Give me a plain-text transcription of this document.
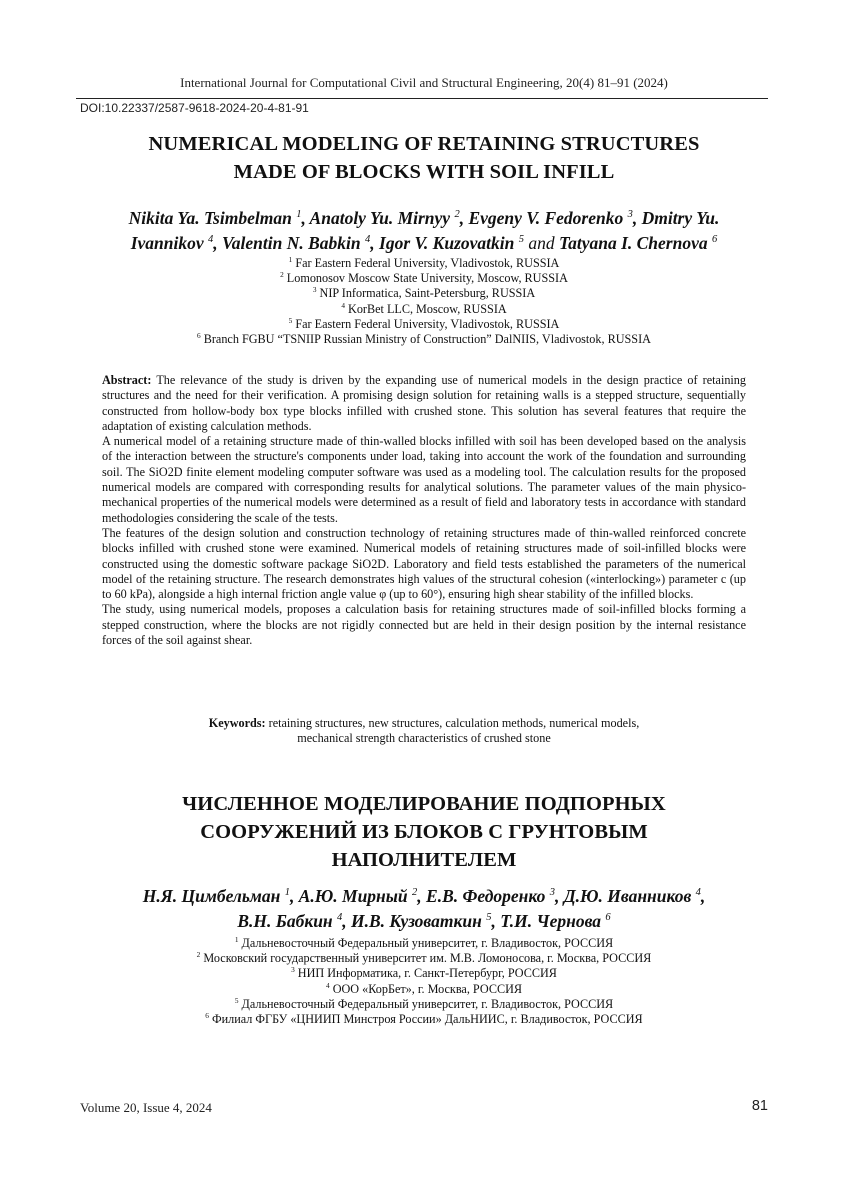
International Journal for Computational Civil and Structural Engineering, 20(4) 81–91 (2024)
DOI:10.22337/2587-9618-2024-20-4-81-91
NUMERICAL MODELING OF RETAINING STRUCTURES
MADE OF BLOCKS WITH SOIL INFILL
Nikita Ya. Tsimbelman $^1$, Anatoly Yu. Mirnyy $^2$, Evgeny V. Fedorenko $^3$, Dmitry Yu.
Ivannikov $^4$, Valentin N. Babkin $^4$, Igor V. Kuzovatkin $^5$ and Tatyana I. Chernova $^6$
$^1$ Far Eastern Federal University, Vladivostok, RUSSIA
$^2$ Lomonosov Moscow State University, Moscow, RUSSIA
$^3$ NIP Informatica, Saint-Petersburg, RUSSIA
$^4$ KorBet LLC, Moscow, RUSSIA
$^5$ Far Eastern Federal University, Vladivostok, RUSSIA
$^6$ Branch FGBU “TSNIIP Russian Ministry of Construction” DalNIIS, Vladivostok, RUSSIA

Abstract: The relevance of the study is driven by the expanding use of numerical models in the design practice of retaining structures and the need for their verification. A promising design solution for retaining walls is a stepped structure, sequentially constructed from hollow-body box type blocks infilled with crushed stone. This solution has several features that require the adaptation of existing calculation methods.

A numerical model of a retaining structure made of thin-walled blocks infilled with soil has been developed based on the analysis of the interaction between the structure's components under load, taking into account the work of the foundation and surrounding soil. The SiO2D finite element modeling computer software was used as a modeling tool. The calculation results for the proposed numerical models are compared with corresponding results for analytical solutions. The parameter values of the main physico-mechanical properties of the numerical models were determined as a result of field and laboratory tests in accordance with standard methodologies considering the scale of the tests.

The features of the design solution and construction technology of retaining structures made of thin-walled reinforced concrete blocks infilled with crushed stone were examined. Numerical models of retaining structures made of soil-infilled blocks were constructed using the domestic software package SiO2D. Laboratory and field tests established the parameters of the numerical model of the retaining structure. The research demonstrates high values of the structural cohesion («interlocking») parameter c (up to 60 kPa), alongside a high internal friction angle value φ (up to 60°), ensuring high shear stability of the infilled blocks.

The study, using numerical models, proposes a calculation basis for retaining structures made of soil-infilled blocks forming a stepped construction, where the blocks are not rigidly connected but are held in their design position by the internal resistance forces of the soil against shear.

Keywords: retaining structures, new structures, calculation methods, numerical models,
mechanical strength characteristics of crushed stone
ЧИСЛЕННОЕ МОДЕЛИРОВАНИЕ ПОДПОРНЫХ
СООРУЖЕНИЙ ИЗ БЛОКОВ С ГРУНТОВЫМ
НАПОЛНИТЕЛЕМ
Н.Я. Цимбельман $^1$, А.Ю. Мирный $^2$, Е.В. Федоренко $^3$, Д.Ю. Иванников $^4$,
В.Н. Бабкин $^4$, И.В. Кузоваткин $^5$, Т.И. Чернова $^6$
$^1$ Дальневосточный Федеральный университет, г. Владивосток, РОССИЯ
$^2$ Московский государственный университет им. М.В. Ломоносова, г. Москва, РОССИЯ
$^3$ НИП Информатика, г. Санкт-Петербург, РОССИЯ
$^4$ ООО «КорБет», г. Москва, РОССИЯ
$^5$ Дальневосточный Федеральный университет, г. Владивосток, РОССИЯ
$^6$ Филиал ФГБУ «ЦНИИП Минстроя России» ДальНИИС, г. Владивосток, РОССИЯ
Volume 20, Issue 4, 2024	81
